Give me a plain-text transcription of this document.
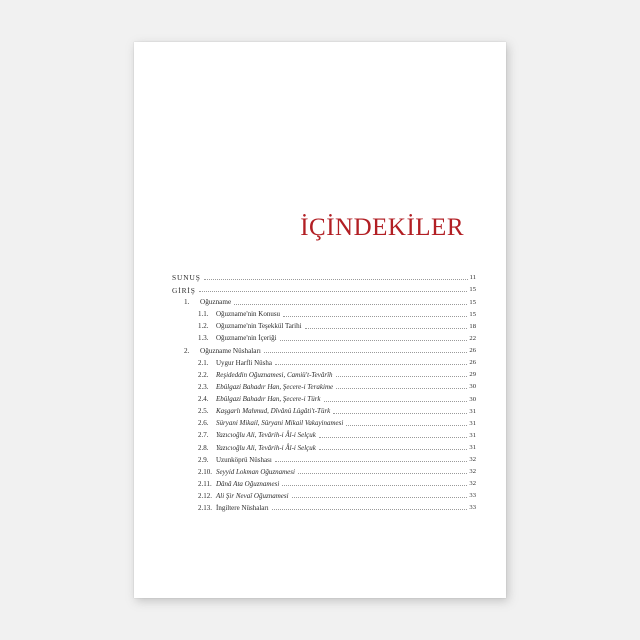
İÇİNDEKİLER
SUNUŞ	11
GİRİŞ	15
1. Oğuzname	15
1.1. Oğuzname'nin Konusu	15
1.2. Oğuzname'nin Teşekkül Tarihi	18
1.3. Oğuzname'nin İçeriği	22
2. Oğuzname Nüshaları	26
2.1. Uygur Harfli Nüsha	26
2.2. Reşideddin Oğuznamesi, Camiü't-Tevârîh	29
2.3. Ebülgazi Bahadır Han, Şecere-i Terakime	30
2.4. Ebülgazi Bahadır Han, Şecere-i Türk	30
2.5. Kaşgarlı Mahmud, Dîvânü Lügâti't-Türk	31
2.6. Süryani Mikail, Süryani Mikail Vakayinamesi	31
2.7. Yazıcıoğlu Ali, Tevârih-i Âl-i Selçuk	31
2.8. Yazıcıoğlu Ali, Tevârih-i Âl-i Selçuk	31
2.9. Uzunköprü Nüshası	32
2.10. Seyyid Lokman Oğuznamesi	32
2.11. Dânâ Ata Oğuznamesi	32
2.12. Ali Şir Nevaî Oğuznamesi	33
2.13. İngiltere Nüshaları	33
